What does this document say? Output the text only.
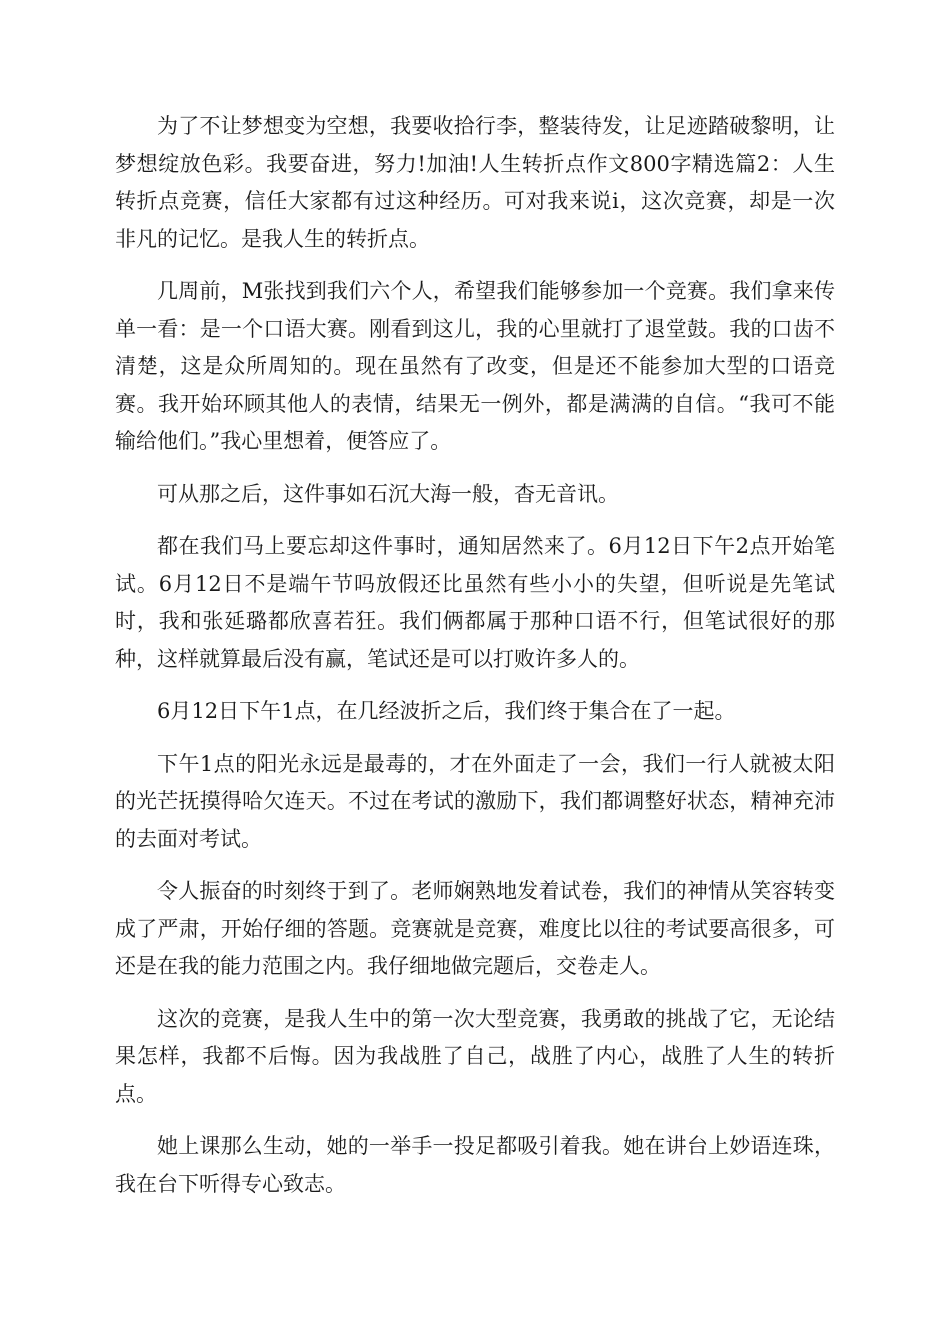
为了不让梦想变为空想，我要收拾行李，整装待发，让足迹踏破黎明，让梦想绽放色彩。我要奋进，努力!加油!人生转折点作文800字精选篇2：人生转折点竞赛，信任大家都有过这种经历。可对我来说i，这次竞赛，却是一次非凡的记忆。是我人生的转折点。

几周前，M张找到我们六个人，希望我们能够参加一个竞赛。我们拿来传单一看：是一个口语大赛。刚看到这儿，我的心里就打了退堂鼓。我的口齿不清楚，这是众所周知的。现在虽然有了改变，但是还不能参加大型的口语竞赛。我开始环顾其他人的表情，结果无一例外，都是满满的自信。“我可不能输给他们。”我心里想着，便答应了。

可从那之后，这件事如石沉大海一般，杳无音讯。

都在我们马上要忘却这件事时，通知居然来了。6月12日下午2点开始笔试。6月12日不是端午节吗放假还比虽然有些小小的失望，但听说是先笔试时，我和张延璐都欣喜若狂。我们俩都属于那种口语不行，但笔试很好的那种，这样就算最后没有赢，笔试还是可以打败许多人的。

6月12日下午1点，在几经波折之后，我们终于集合在了一起。

下午1点的阳光永远是最毒的，才在外面走了一会，我们一行人就被太阳的光芒抚摸得哈欠连天。不过在考试的激励下，我们都调整好状态，精神充沛的去面对考试。

令人振奋的时刻终于到了。老师娴熟地发着试卷，我们的神情从笑容转变成了严肃，开始仔细的答题。竞赛就是竞赛，难度比以往的考试要高很多，可还是在我的能力范围之内。我仔细地做完题后，交卷走人。

这次的竞赛，是我人生中的第一次大型竞赛，我勇敢的挑战了它，无论结果怎样，我都不后悔。因为我战胜了自己，战胜了内心，战胜了人生的转折点。

她上课那么生动，她的一举手一投足都吸引着我。她在讲台上妙语连珠，我在台下听得专心致志。
